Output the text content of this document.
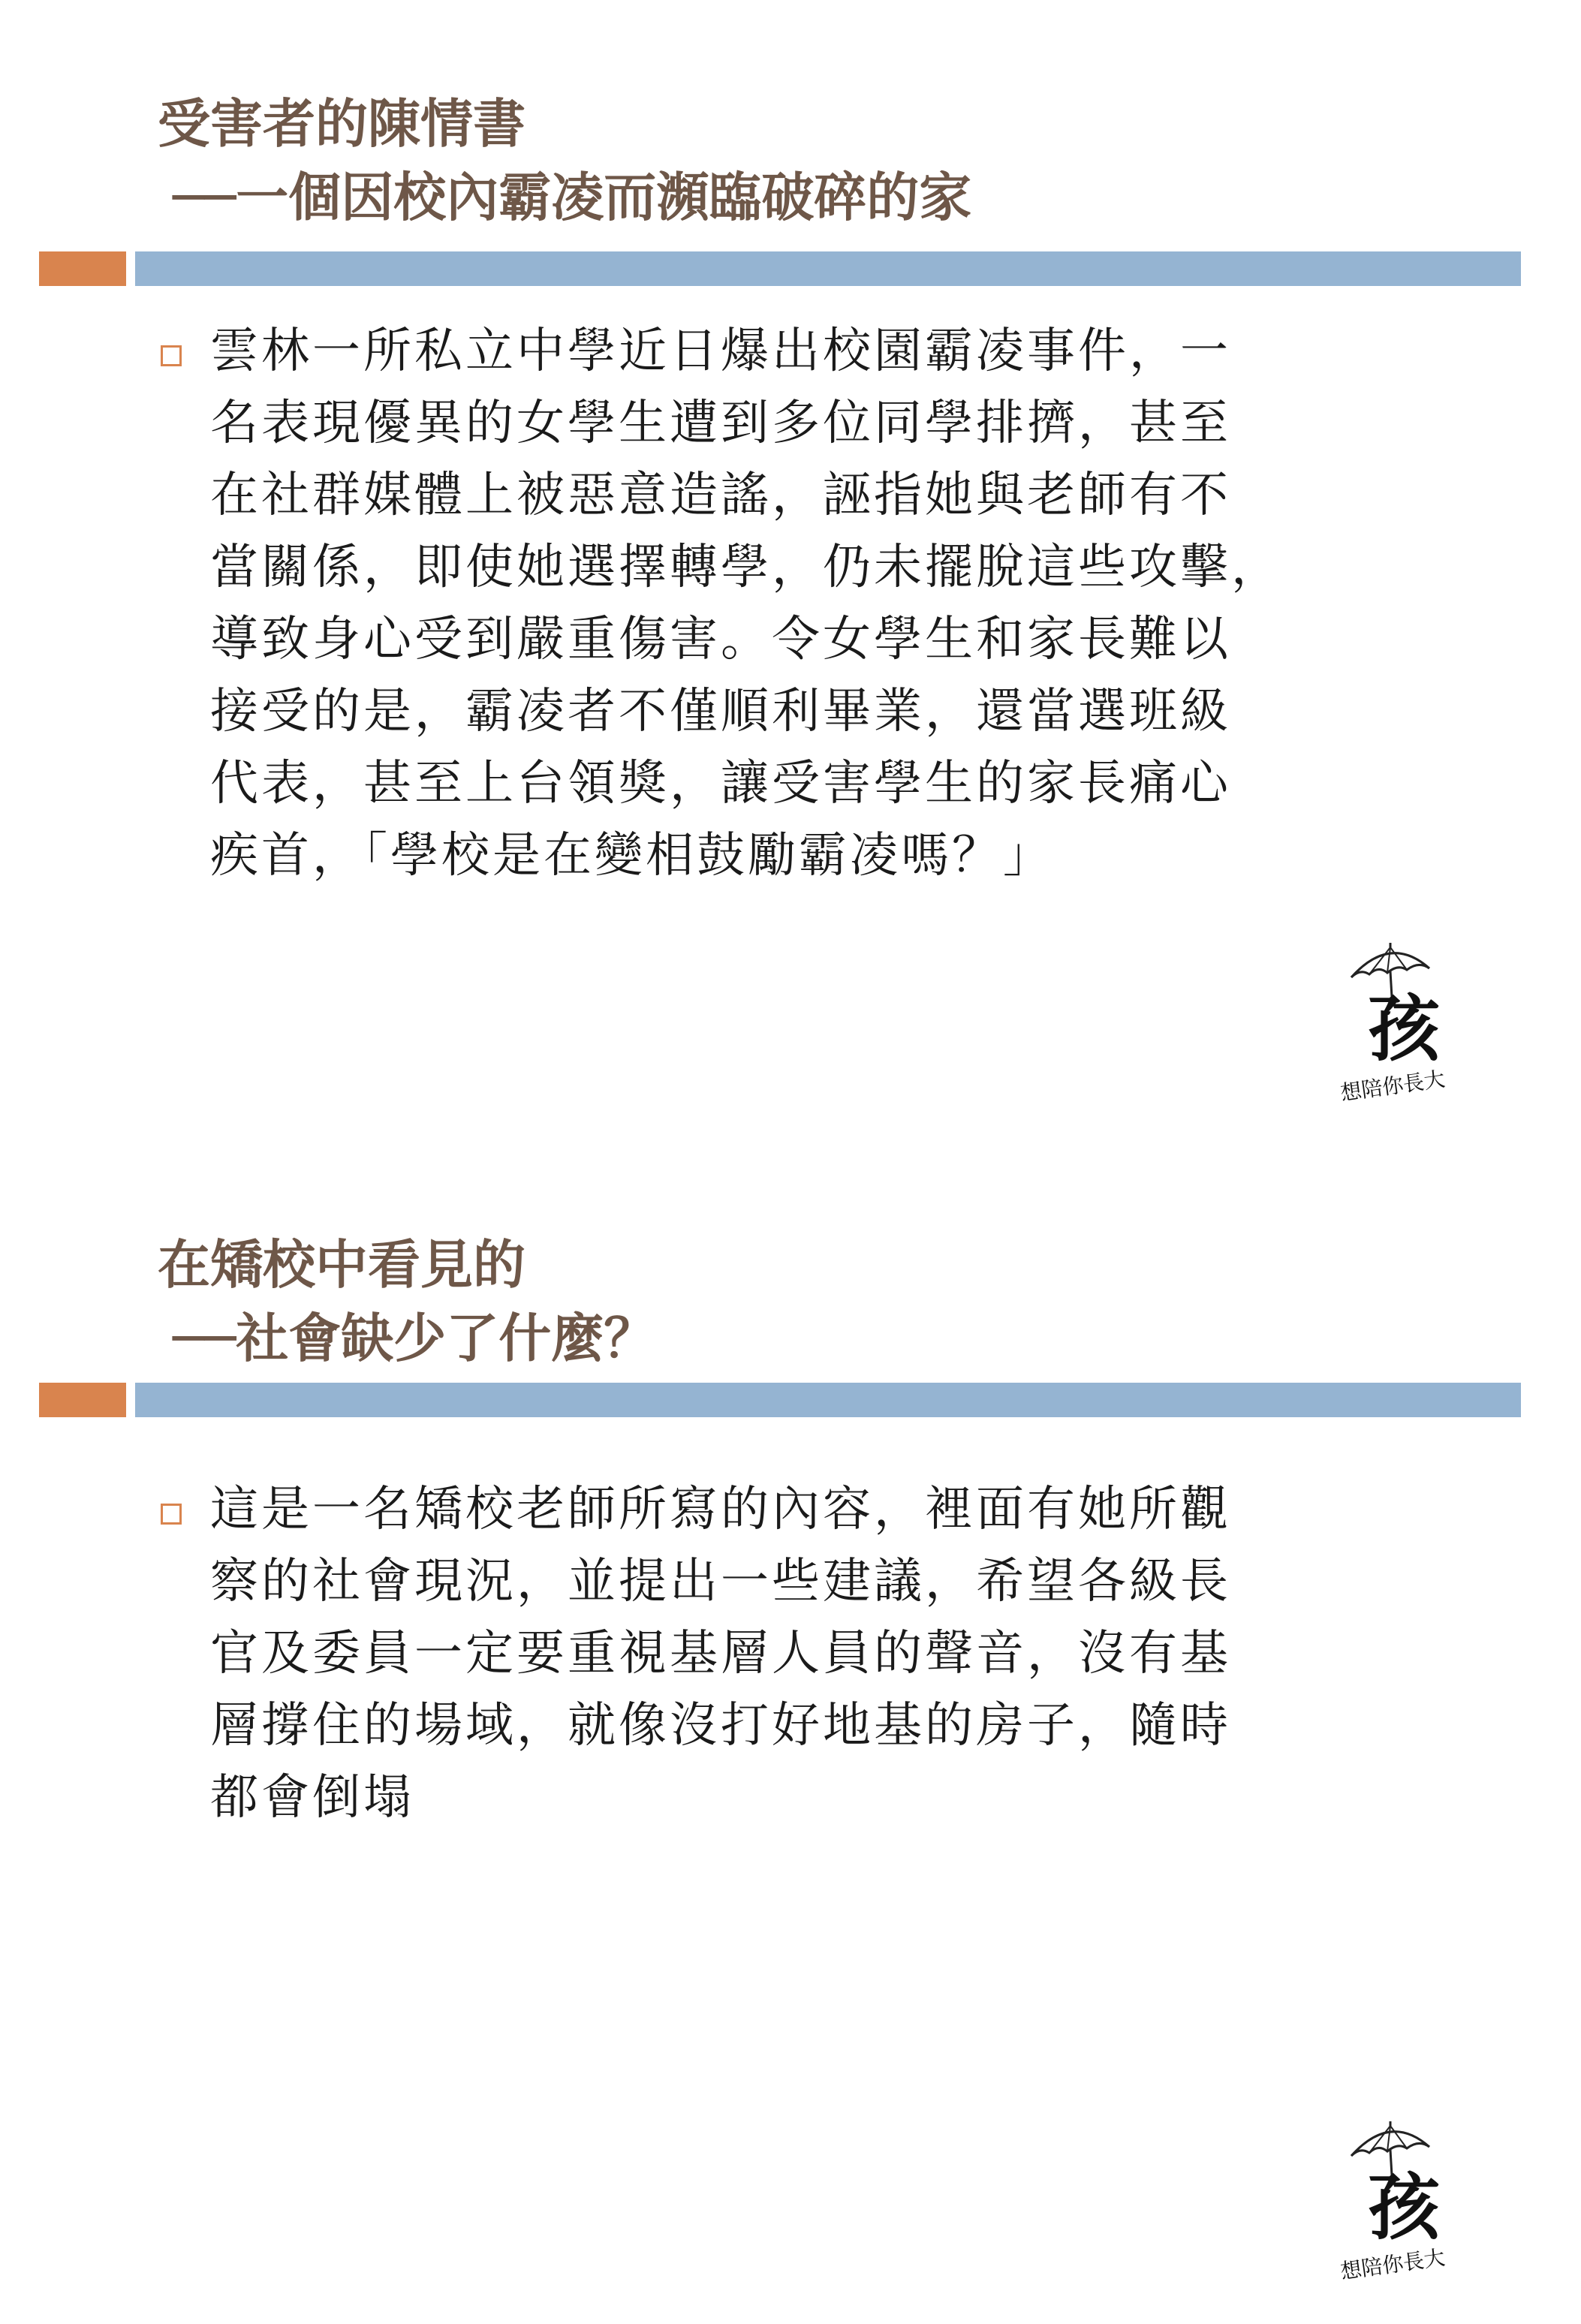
受害者的陳情書
──一個因校內霸凌而瀕臨破碎的家
雲林一所私立中學近日爆出校園霸凌事件，一
名表現優異的女學生遭到多位同學排擠，甚至
在社群媒體上被惡意造謠，誣指她與老師有不
當關係，即使她選擇轉學，仍未擺脫這些攻擊，
導致身心受到嚴重傷害。令女學生和家長難以
接受的是，霸凌者不僅順利畢業，還當選班級
代表，甚至上台領獎，讓受害學生的家長痛心
疾首，「學校是在變相鼓勵霸凌嗎？」
孩
想陪你長大
在矯校中看見的
──社會缺少了什麼？
這是一名矯校老師所寫的內容，裡面有她所觀
察的社會現況，並提出一些建議，希望各級長
官及委員一定要重視基層人員的聲音，沒有基
層撐住的場域，就像沒打好地基的房子，隨時
都會倒塌
孩
想陪你長大
